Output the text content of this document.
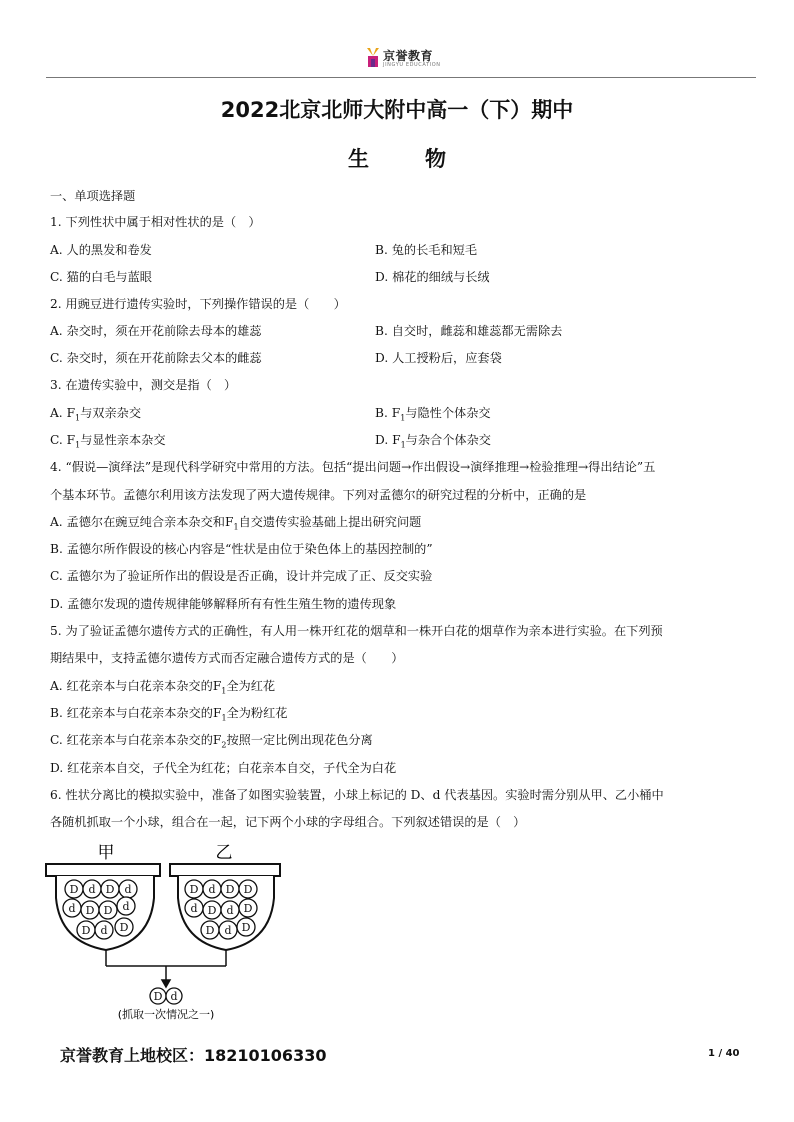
京誉教育
JINGYU EDUCATION
2022北京北师大附中高一（下）期中
生	物
一、单项选择题
1. 下列性状中属于相对性状的是（　）
A. 人的黑发和卷发	B. 兔的长毛和短毛
C. 猫的白毛与蓝眼	D. 棉花的细绒与长绒
2. 用豌豆进行遗传实验时，下列操作错误的是（　　）
A. 杂交时，须在开花前除去母本的雄蕊	B. 自交时，雌蕊和雄蕊都无需除去
C. 杂交时，须在开花前除去父本的雌蕊	D. 人工授粉后，应套袋
3. 在遗传实验中，测交是指（　）
A. $F_1$与双亲杂交	B. $F_1$与隐性个体杂交
C. $F_1$与显性亲本杂交	D. $F_1$与杂合个体杂交
4. “假说—演绎法”是现代科学研究中常用的方法。包括“提出问题→作出假设→演绎推理→检验推理→得出结论”五
个基本环节。孟德尔利用该方法发现了两大遗传规律。下列对孟德尔的研究过程的分析中，正确的是
A. 孟德尔在豌豆纯合亲本杂交和$F_1$自交遗传实验基础上提出研究问题
B. 孟德尔所作假设的核心内容是“性状是由位于染色体上的基因控制的”
C. 孟德尔为了验证所作出的假设是否正确，设计并完成了正、反交实验
D. 孟德尔发现的遗传规律能够解释所有有性生殖生物的遗传现象
5. 为了验证孟德尔遗传方式的正确性，有人用一株开红花的烟草和一株开白花的烟草作为亲本进行实验。在下列预
期结果中，支持孟德尔遗传方式而否定融合遗传方式的是（　　）
A. 红花亲本与白花亲本杂交的$F_1$全为红花
B. 红花亲本与白花亲本杂交的$F_1$全为粉红花
C. 红花亲本与白花亲本杂交的$F_2$按照一定比例出现花色分离
D. 红花亲本自交，子代全为红花；白花亲本自交，子代全为白花
6. 性状分离比的模拟实验中，准备了如图实验装置，小球上标记的 D、d 代表基因。实验时需分别从甲、乙小桶中
各随机抓取一个小球，组合在一起，记下两个小球的字母组合。下列叙述错误的是（　）
甲	乙
D d D d
d D D d
D d D
D d D D
d D d D
D d D
D d
(抓取一次情况之一)
京誉教育上地校区：18210106330	1 / 40
